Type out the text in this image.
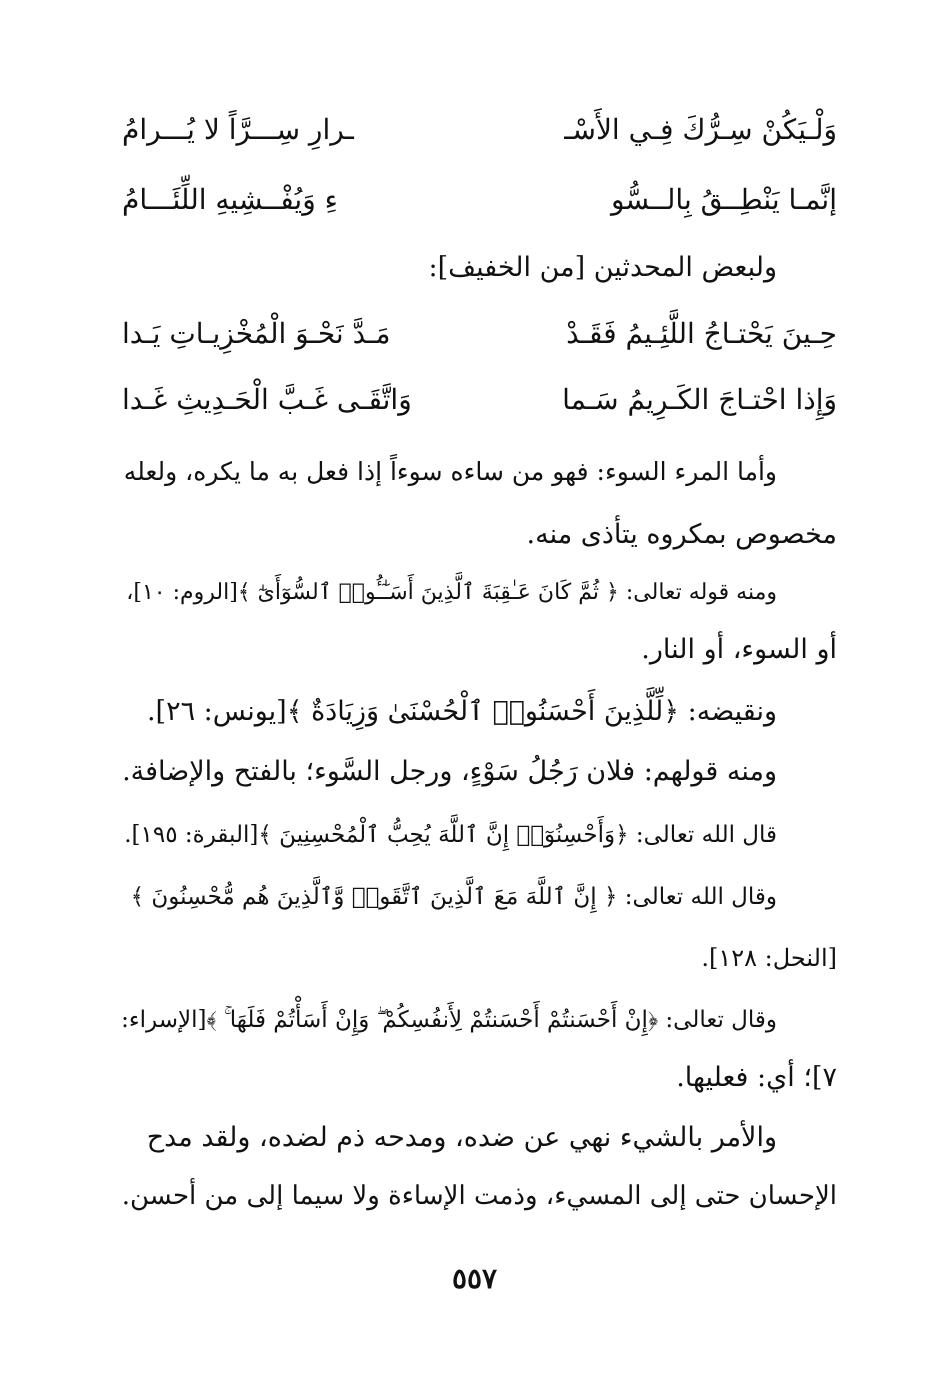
وَلْـيَكُنْ سِـرُّكَ فِـي الأَسْـ
ـرارِ سِـــرَّاً لا يُـــرامُ
إنَّمـا يَنْطِــقُ بِالــسُّو
ءِ وَيُفْــشِيهِ اللِّئَـــامُ
ولبعض المحدثين [من الخفيف]:
حِـينَ يَحْتـاجُ اللَّئِـيمُ فَقَـدْ
مَـدَّ نَحْـوَ الْمُخْزِيـاتِ يَـدا
وَإِذا احْتـاجَ الكَـرِيمُ سَـما
وَاتَّقَـى غَـبَّ الْحَـدِيثِ غَـدا
وأما المرء السوء: فهو من ساءه سوءاً إذا فعل به ما يكره، ولعله
مخصوص بمكروه يتأذى منه.
ومنه قوله تعالى: ﴿ ثُمَّ كَانَ عَـٰقِبَةَ ٱلَّذِينَ أَسَـٰٓـُٔوا۟ ٱلسُّوٓأَىٰٓ ﴾[الروم: ١٠]،
أو السوء، أو النار.
ونقيضه: ﴿لِّلَّذِينَ أَحْسَنُوا۟ ٱلْحُسْنَىٰ وَزِيَادَةٌ ﴾[يونس: ٢٦].
ومنه قولهم: فلان رَجُلُ سَوْءٍ، ورجل السَّوء؛ بالفتح والإضافة.
قال الله تعالى: ﴿وَأَحْسِنُوٓا۟ إِنَّ ٱللَّهَ يُحِبُّ ٱلْمُحْسِنِينَ ﴾[البقرة: ١٩٥].
وقال الله تعالى: ﴿ إِنَّ ٱللَّهَ مَعَ ٱلَّذِينَ ٱتَّقَوا۟ وَّٱلَّذِينَ هُم مُّحْسِنُونَ ﴾
[النحل: ١٢٨].
وقال تعالى: ﴿إِنْ أَحْسَنتُمْ أَحْسَنتُمْ لِأَنفُسِكُمْ ۖ وَإِنْ أَسَأْتُمْ فَلَهَا ۚ ﴾[الإسراء:
٧]؛ أي: فعليها.
والأمر بالشيء نهي عن ضده، ومدحه ذم لضده، ولقد مدح
الإحسان حتى إلى المسيء، وذمت الإساءة ولا سيما إلى من أحسن.
٥٥٧
